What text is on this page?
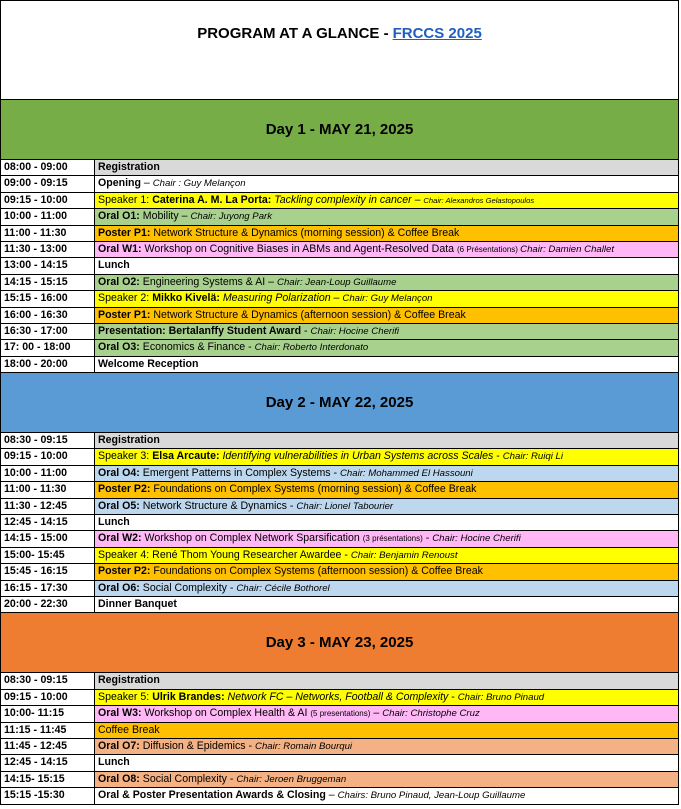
PROGRAM AT A GLANCE - FRCCS 2025
Day 1 - MAY 21, 2025
08:00 - 09:00	Registration
09:00 - 09:15	Opening – Chair : Guy Melançon
09:15 - 10:00	Speaker 1: Caterina A. M. La Porta: Tackling complexity in cancer – Chair: Alexandros Gelastopoulos
10:00 - 11:00	Oral O1: Mobility – Chair: Juyong Park
11:00 - 11:30	Poster P1: Network Structure & Dynamics (morning session) & Coffee Break
11:30 - 13:00	Oral W1: Workshop on Cognitive Biases in ABMs and Agent-Resolved Data (6 Présentations) Chair: Damien Challet
13:00 - 14:15	Lunch
14:15 - 15:15	Oral O2: Engineering Systems & AI – Chair: Jean-Loup Guillaume
15:15 - 16:00	Speaker 2: Mikko Kivelä: Measuring Polarization – Chair: Guy Melançon
16:00 - 16:30	Poster P1: Network Structure & Dynamics (afternoon session) & Coffee Break
16:30 - 17:00	Presentation: Bertalanffy Student Award - Chair: Hocine Cherifi
17: 00 - 18:00	Oral O3: Economics & Finance - Chair: Roberto Interdonato
18:00 - 20:00	Welcome Reception
Day 2 - MAY 22, 2025
08:30 - 09:15	Registration
09:15 - 10:00	Speaker 3: Elsa Arcaute: Identifying vulnerabilities in Urban Systems across Scales - Chair: Ruiqi Li
10:00 - 11:00	Oral O4: Emergent Patterns in Complex Systems - Chair: Mohammed El Hassouni
11:00 - 11:30	Poster P2: Foundations on Complex Systems (morning session) & Coffee Break
11:30 - 12:45	Oral O5: Network Structure & Dynamics - Chair: Lionel Tabourier
12:45 - 14:15	Lunch
14:15 - 15:00	Oral W2: Workshop on Complex Network Sparsification (3 présentations) - Chair: Hocine Cherifi
15:00- 15:45	Speaker 4: René Thom Young Researcher Awardee - Chair: Benjamin Renoust
15:45 - 16:15	Poster P2: Foundations on Complex Systems (afternoon session) & Coffee Break
16:15 - 17:30	Oral O6: Social Complexity - Chair: Cécile Bothorel
20:00 - 22:30	Dinner Banquet
Day 3 - MAY 23, 2025
08:30 - 09:15	Registration
09:15 - 10:00	Speaker 5: Ulrik Brandes: Network FC – Networks, Football & Complexity - Chair: Bruno Pinaud
10:00- 11:15	Oral W3: Workshop on Complex Health & AI (5 presentations) – Chair: Christophe Cruz
11:15 - 11:45	Coffee Break
11:45 - 12:45	Oral O7: Diffusion & Epidemics - Chair: Romain Bourqui
12:45 - 14:15	Lunch
14:15- 15:15	Oral O8: Social Complexity - Chair: Jeroen Bruggeman
15:15 -15:30	Oral & Poster Presentation Awards & Closing – Chairs: Bruno Pinaud, Jean-Loup Guillaume
